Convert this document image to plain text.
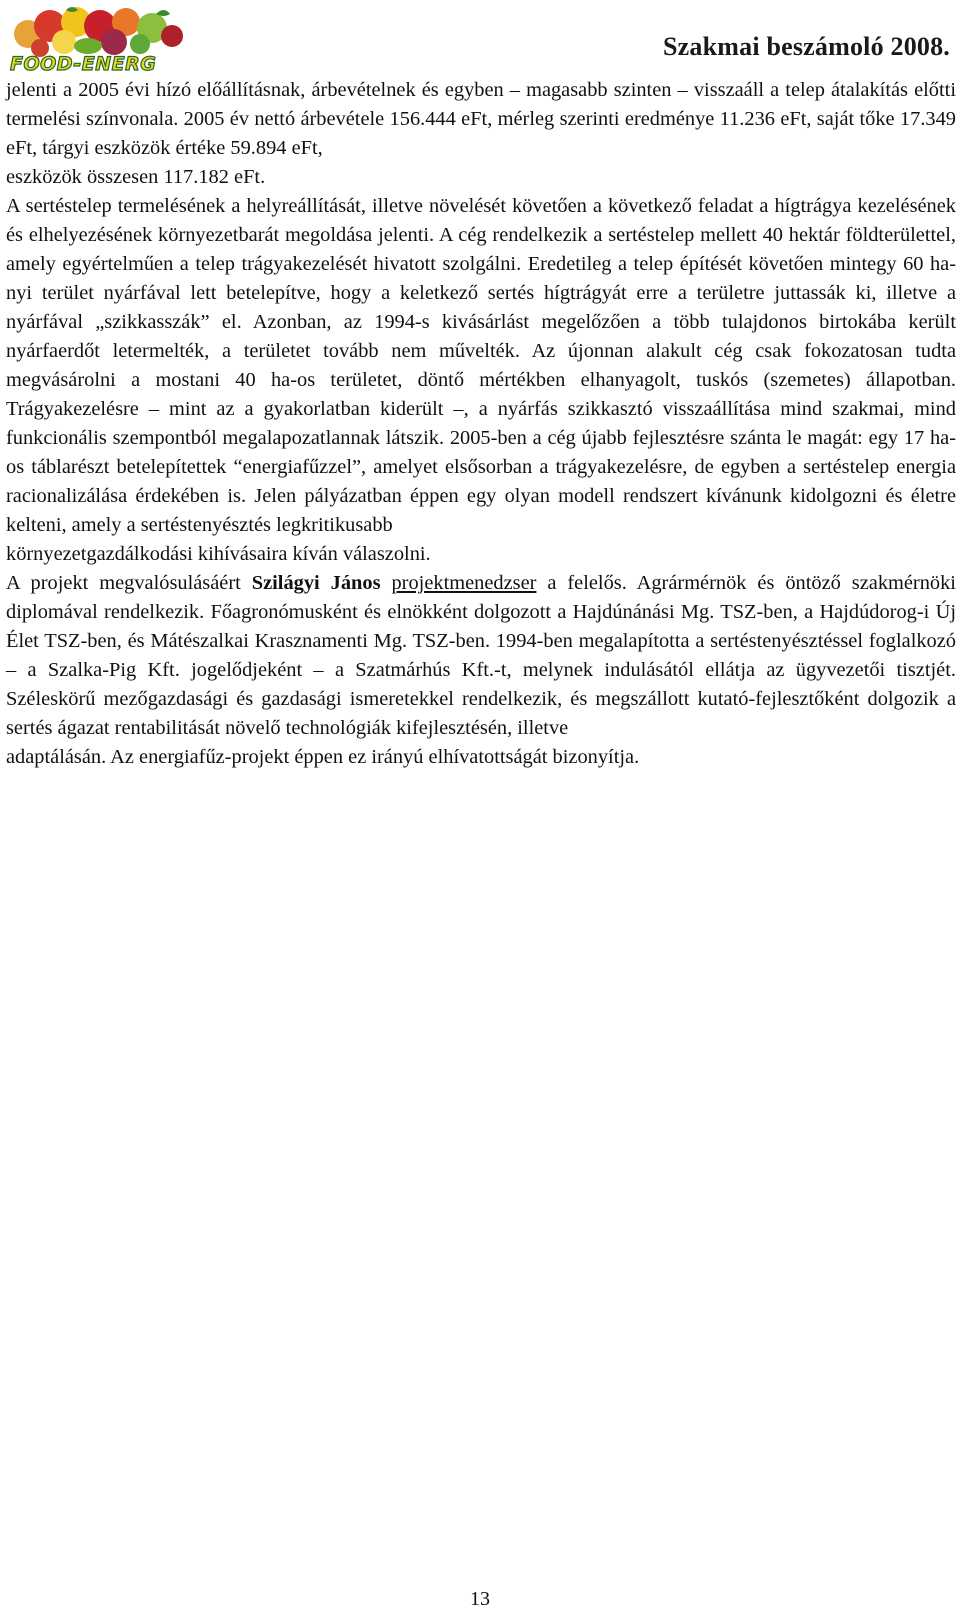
FOOD-ENERG
Szakmai beszámoló 2008.

jelenti a 2005 évi hízó előállításnak, árbevételnek és egyben – magasabb szinten – visszaáll a telep átalakítás előtti termelési színvonala. 2005 év nettó árbevétele 156.444 eFt, mérleg szerinti eredménye 11.236 eFt, saját tőke 17.349 eFt, tárgyi eszközök értéke 59.894 eFt,

eszközök összesen 117.182 eFt.

A sertéstelep termelésének a helyreállítását, illetve növelését követően a következő feladat a hígtrágya kezelésének és elhelyezésének környezetbarát megoldása jelenti. A cég rendelkezik a sertéstelep mellett 40 hektár földterülettel, amely egyértelműen a telep trágyakezelését hivatott szolgálni. Eredetileg a telep építését követően mintegy 60 ha-nyi terület nyárfával lett betelepítve, hogy a keletkező sertés hígtrágyát erre a területre juttassák ki, illetve a nyárfával „szikkasszák” el. Azonban, az 1994-s kivásárlást megelőzően a több tulajdonos birtokába került nyárfaerdőt letermelték, a területet tovább nem művelték. Az újonnan alakult cég csak fokozatosan tudta megvásárolni a mostani 40 ha-os területet, döntő mértékben elhanyagolt, tuskós (szemetes) állapotban. Trágyakezelésre – mint az a gyakorlatban kiderült –, a nyárfás szikkasztó visszaállítása mind szakmai, mind funkcionális szempontból megalapozatlannak látszik. 2005-ben a cég újabb fejlesztésre szánta le magát: egy 17 ha-os táblarészt betelepítettek “energiafűzzel”, amelyet elsősorban a trágyakezelésre, de egyben a sertéstelep energia racionalizálása érdekében is. Jelen pályázatban éppen egy olyan modell rendszert kívánunk kidolgozni és életre kelteni, amely a sertéstenyésztés legkritikusabb

környezetgazdálkodási kihívásaira kíván válaszolni.

A projekt megvalósulásáért Szilágyi János projektmenedzser a felelős. Agrármérnök és öntöző szakmérnöki diplomával rendelkezik. Főagronómusként és elnökként dolgozott a Hajdúnánási Mg. TSZ-ben, a Hajdúdorog-i Új Élet TSZ-ben, és Mátészalkai Krasznamenti Mg. TSZ-ben. 1994-ben megalapította a sertéstenyésztéssel foglalkozó – a Szalka-Pig Kft. jogelődjeként – a Szatmárhús Kft.-t, melynek indulásától ellátja az ügyvezetői tisztjét. Széleskörű mezőgazdasági és gazdasági ismeretekkel rendelkezik, és megszállott kutató-fejlesztőként dolgozik a sertés ágazat rentabilitását növelő technológiák kifejlesztésén, illetve

adaptálásán. Az energiafűz-projekt éppen ez irányú elhívatottságát bizonyítja.

13
